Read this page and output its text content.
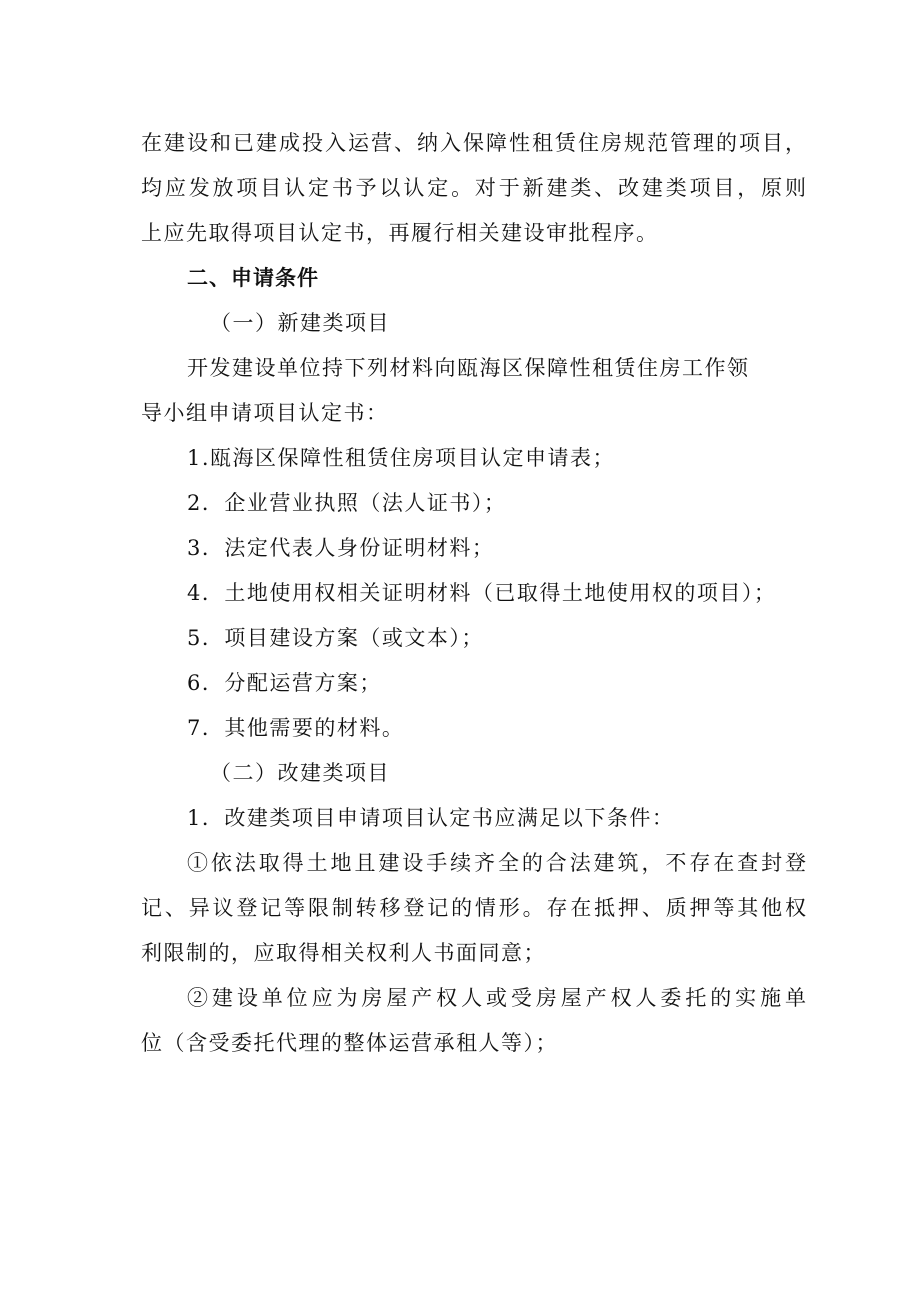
在建设和已建成投入运营、纳入保障性租赁住房规范管理的项目，
均应发放项目认定书予以认定。对于新建类、改建类项目，原则
上应先取得项目认定书，再履行相关建设审批程序。
二、申请条件
（一）新建类项目
开发建设单位持下列材料向瓯海区保障性租赁住房工作领
导小组申请项目认定书：
1.瓯海区保障性租赁住房项目认定申请表；
2．企业营业执照（法人证书）；
3．法定代表人身份证明材料；
4．土地使用权相关证明材料（已取得土地使用权的项目）；
5．项目建设方案（或文本）；
6．分配运营方案；
7．其他需要的材料。
（二）改建类项目
1．改建类项目申请项目认定书应满足以下条件：
①依法取得土地且建设手续齐全的合法建筑，不存在查封登
记、异议登记等限制转移登记的情形。存在抵押、质押等其他权
利限制的，应取得相关权利人书面同意；
②建设单位应为房屋产权人或受房屋产权人委托的实施单
位（含受委托代理的整体运营承租人等）；
